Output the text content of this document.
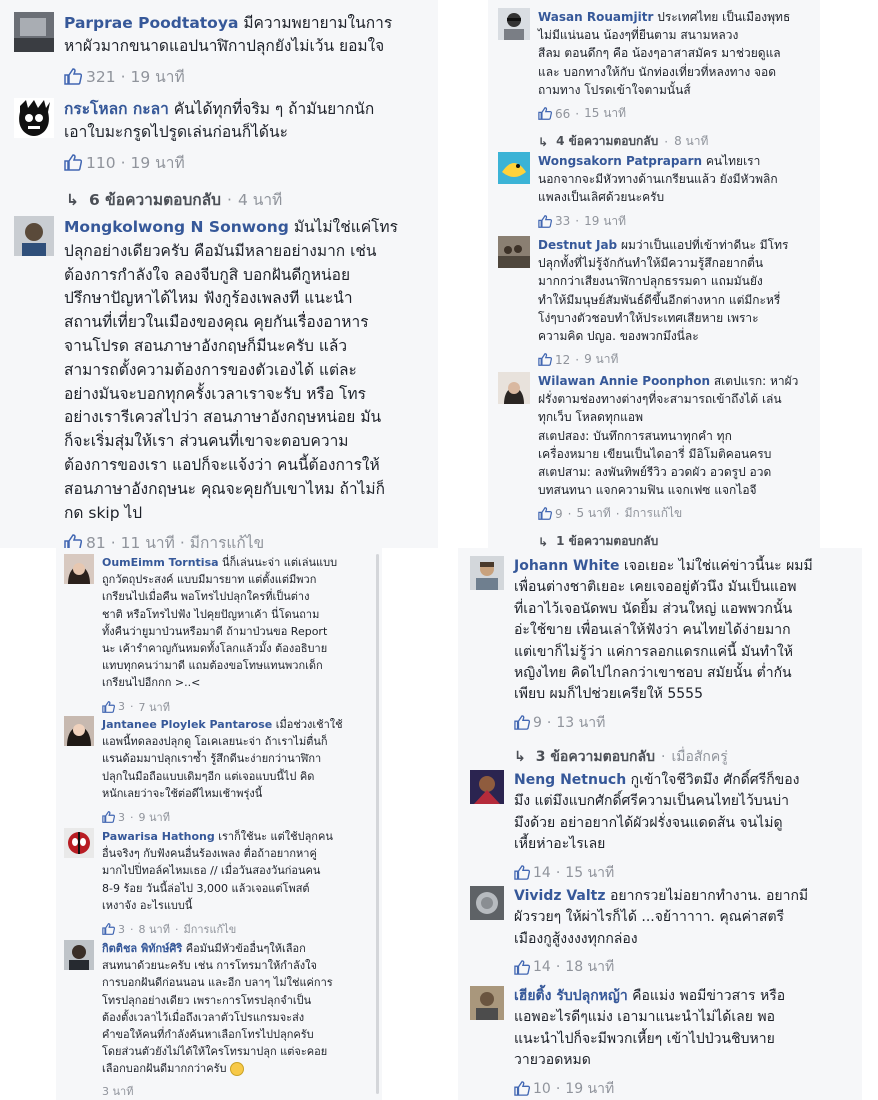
Parprae Poodtatoya มีความพยายามในการ
หาผัวมากขนาดแอปนาฬิกาปลุกยังไม่เว้น ยอมใจ
321 · 19 นาที
กระโหลก กะลา คันได้ทุกที่จริม ๆ ถ้ามันยากนัก
เอาใบมะกรูดไปรูดเล่นก่อนก็ได้นะ
110 · 19 นาที
↳ 6 ข้อความตอบกลับ · 4 นาที
Mongkolwong N Sonwong มันไม่ใช่แค่โทร
ปลุกอย่างเดียวครับ คือมันมีหลายอย่างมาก เช่น
ต้องการกำลังใจ ลองจีบกูสิ บอกฝันดีกูหน่อย
ปรึกษาปัญหาได้ไหม ฟังกูร้องเพลงที แนะนำ
สถานที่เที่ยวในเมืองของคุณ คุยกันเรื่องอาหาร
จานโปรด สอนภาษาอังกฤษก็มีนะครับ แล้ว
สามารถตั้งความต้องการของตัวเองได้ แต่ละ
อย่างมันจะบอกทุกครั้งเวลาเราจะรับ หรือ โทร
อย่างเรารีเควสไปว่า สอนภาษาอังกฤษหน่อย มัน
ก็จะเริ่มสุ่มให้เรา ส่วนคนที่เขาจะตอบความ
ต้องการของเรา แอปก็จะแจ้งว่า คนนี้ต้องการให้
สอนภาษาอังกฤษนะ คุณจะคุยกับเขาไหม ถ้าไม่ก็
กด skip ไป
81 · 11 นาที · มีการแก้ไข
Wasan Rouamjitr ประเทศไทย เป็นเมืองพุทธ
ไม่มีแน่นอน น้องๆที่ยืนตาม สนามหลวง
สีลม ตอนดึกๆ คือ น้องๆอาสาสมัคร มาช่วยดูแล
และ บอกทางให้กับ นักท่องเที่ยวที่หลงทาง จอด
ถามทาง โปรดเข้าใจตามนั้นส์
66 · 15 นาที
↳ 4 ข้อความตอบกลับ · 8 นาที
Wongsakorn Patpraparn คนไทยเรา
นอกจากจะมีหัวทางด้านเกรียนแล้ว ยังมีหัวพลิก
แพลงเป็นเลิศด้วยนะครับ
33 · 19 นาที
Destnut Jab ผมว่าเป็นแอปที่เข้าท่าดีนะ มีโทร
ปลุกทั้งที่ไม่รู้จักกันทำให้มีความรู้สึกอยากตื่น
มากกว่าเสียงนาฬิกาปลุกธรรมดา แถมมันยัง
ทำให้มีมนุษย์สัมพันธ์ดีขึ้นอีกต่างหาก แต่มีกะหรี่
โง่ๆบางตัวชอบทำให้ประเทศเสียหาย เพราะ
ความคิด ปญอ. ของพวกมึงนี่ละ
12 · 9 นาที
Wilawan Annie Poonphon สเตปแรก: หาผัว
ฝรั่งตามช่องทางต่างๆที่จะสามารถเข้าถึงได้ เล่น
ทุกเว็บ โหลดทุกแอพ
สเตปสอง: บันทึกการสนทนาทุกคำ ทุก
เครื่องหมาย เขียนเป็นไดอารี่ มีอิโมติคอนครบ
สเตปสาม: ลงพันทิพย์รีวิว อวดผัว อวดรูป อวด
บทสนทนา แจกความฟิน แจกเฟซ แจกไอจี
9 · 5 นาที · มีการแก้ไข
↳ 1 ข้อความตอบกลับ
OumEimm Torntisa นี่ก็เล่นนะจ่า แต่เล่นแบบ
ถูกวัตถุประสงค์ แบบมีมารยาท แต่ตั้งแต่มีพวก
เกรียนไปเมื่อคืน พอโทรไปปลุกใครที่เป็นต่าง
ชาติ หรือโทรไปฟัง ไปคุยปัญหาเค้า นี่โดนถาม
ทั้งคืนว่ายูมาป่วนหรือมาดี ถ้ามาป่วนขอ Report
นะ เค้ารำคาญกันหมดทั้งโลกแล้วมั้ง ต้องอธิบาย
แทบทุกคนว่ามาดี แถมต้องขอโทษแทนพวกเด็ก
เกรียนไปอีกกก >..<
3 · 7 นาที
Jantanee Ploylek Pantarose เมื่อช่วงเช้าใช้
แอพนี้ทดลองปลุกดู โอเคเลยนะจ่า ถ้าเราไม่ตื่นก็
แรนด้อมมาปลุกเราซ้ำ รู้สึกดีนะง่ายกว่านาฬิกา
ปลุกในมือถือแบบเดิมๆอีก แต่เจอแบบนี้ไป คิด
หนักเลยว่าจะใช้ต่อดีไหมเช้าพรุ่งนี้
3 · 9 นาที
Pawarisa Hathong เราก็ใช้นะ แต่ใช้ปลุกคน
อื่นจริงๆ กับฟังคนอื่นร้องเพลง ตื่อถ้าอยากหาคู่
มากไปปิ่ทอล์คไหมเธอ // เมื่อวันสองวันก่อนคน
8-9 ร้อย วันนี้ล่อไป 3,000 แล้วเจอแต่โพสต์
เหงาจัง อะไรแบบนี้
3 · 8 นาที · มีการแก้ไข
กิตติชล พิทักษ์ศิริ คือมันมีหัวข้ออื่นๆให้เลือก
สนทนาด้วยนะครับ เช่น การโทรมาให้กำลังใจ
การบอกฝันดีก่อนนอน และอีก บลาๆ ไม่ใช่แค่การ
โทรปลุกอย่างเดียว เพราะการโทรปลุกจำเป็น
ต้องตั้งเวลาไว้เมื่อถึงเวลาตัวโปรแกรมจะส่ง
คำขอให้คนที่กำลังค้นหาเลือกโทรไปปลุกครับ
โดยส่วนตัวยังไม่ได้ให้ใครโทรมาปลุก แต่จะคอย
เลือกบอกฝันดีมากกว่าครับ
3 นาที
Johann White เจอเยอะ ไม่ใช่แค่ข่าวนี้นะ ผมมี
เพื่อนต่างชาติเยอะ เคยเจออยู่ตัวนึง มันเป็นแอพ
ที่เอาไว้เจอนัดพบ นัดยิ้ม ส่วนใหญ่ แอพพวกนั้น
อ่ะใช้ขาย เพื่อนเล่าให้ฟังว่า คนไทยได้ง่ายมาก
แต่เขาก็ไม่รู้ว่า แค่การลอกแดรกแค่นี้ มันทำให้
หญิงไทย คิดไปไกลกว่าเขาชอบ สมัยนั้น ต่ำกัน
เพียบ ผมก็ไปช่วยเครียให้ 5555
9 · 13 นาที
↳ 3 ข้อความตอบกลับ · เมื่อสักครู่
Neng Netnuch กูเข้าใจชีวิตมึง ศักดิ์ศรีก็ของ
มึง แต่มึงแบกศักดิ์ศรีความเป็นคนไทยไว้บนบ่า
มึงด้วย อย่าอยากได้ผัวฝรั่งจนแดดส้น จนไม่ดู
เหี้ยห่าอะไรเลย
14 · 15 นาที
Vividz Valtz อยากรวยไม่อยากทำงาน. อยากมี
ผัวรวยๆ ให้ผ่าไรก็ได้ ...จย้าาาาา. คุณค่าสตรี
เมืองกูสู้งงงงทุกกล่อง
14 · 18 นาที
เฮียติ้ง รับปลุกหญ้า คือแม่ง พอมีข่าวสาร หรือ
แอพอะไรดีๆแม่ง เอามาแนะนำไม่ได้เลย พอ
แนะนำไปก็จะมีพวกเหี้ยๆ เข้าไปป่วนชิบหาย
วายวอดหมด
10 · 19 นาที
